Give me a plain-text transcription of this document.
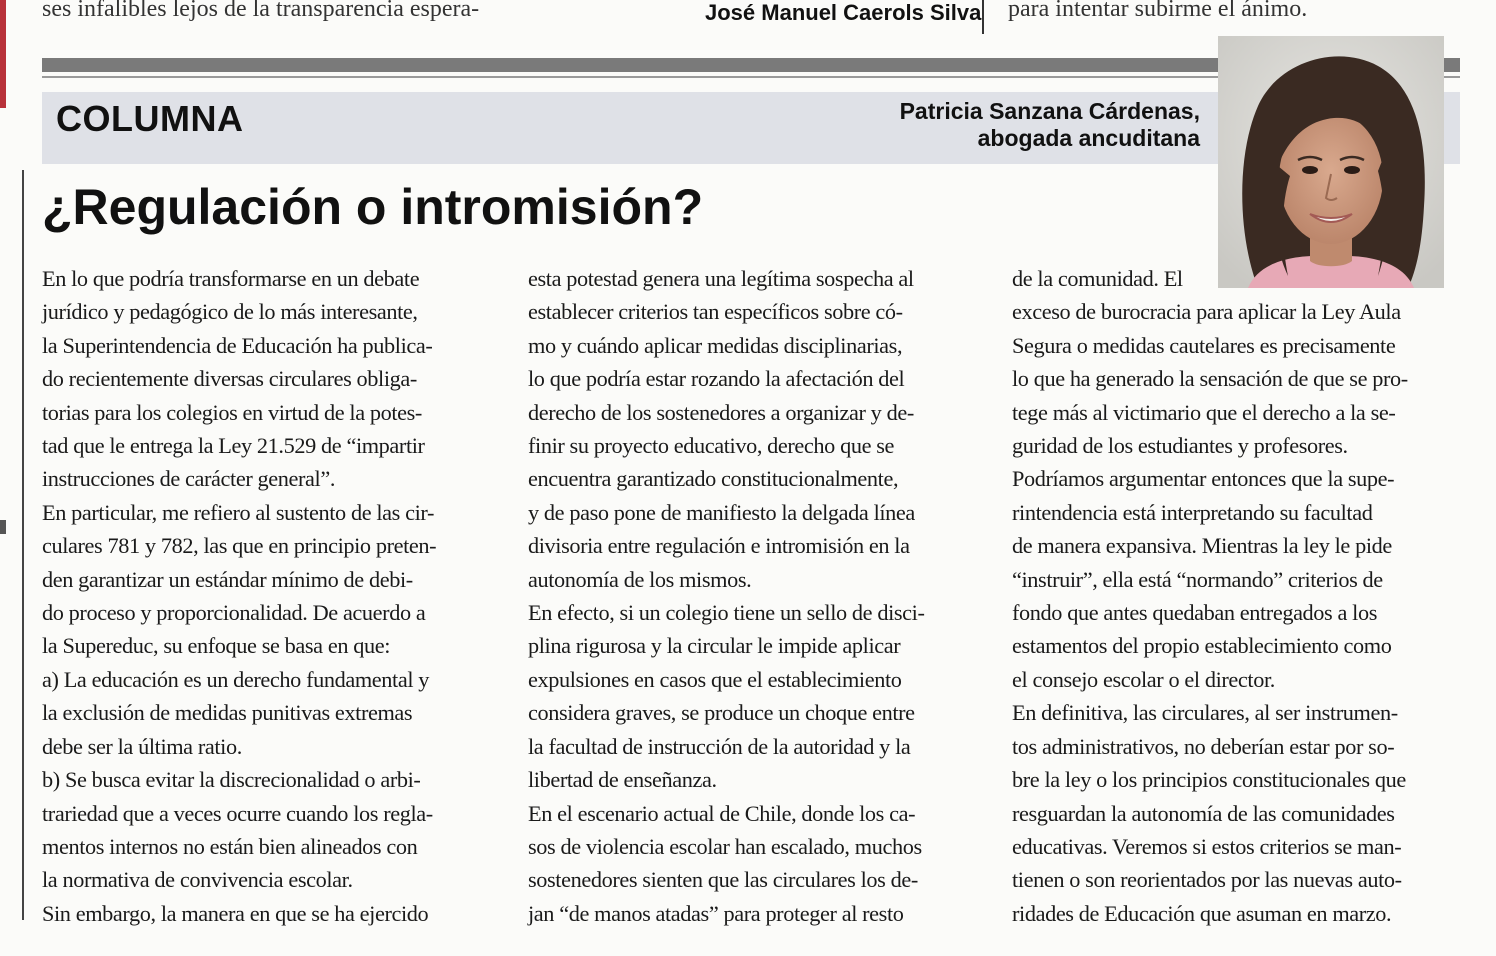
ses infalibles lejos de la transparencia espera-	José Manuel Caerols Silva para intentar subirme el ánimo.
COLUMNA	Patricia Sanzana Cárdenas,
abogada ancuditana
¿Regulación o intromisión?
En lo que podría transformarse en un debate
jurídico y pedagógico de lo más interesante,
la Superintendencia de Educación ha publica-
do recientemente diversas circulares obliga-
torias para los colegios en virtud de la potes-
tad que le entrega la Ley 21.529 de “impartir
instrucciones de carácter general”.
En particular, me refiero al sustento de las cir-
culares 781 y 782, las que en principio preten-
den garantizar un estándar mínimo de debi-
do proceso y proporcionalidad. De acuerdo a
la Supereduc, su enfoque se basa en que:
a) La educación es un derecho fundamental y
la exclusión de medidas punitivas extremas
debe ser la última ratio.
b) Se busca evitar la discrecionalidad o arbi-
trariedad que a veces ocurre cuando los regla-
mentos internos no están bien alineados con
la normativa de convivencia escolar.
Sin embargo, la manera en que se ha ejercido
esta potestad genera una legítima sospecha al
establecer criterios tan específicos sobre có-
mo y cuándo aplicar medidas disciplinarias,
lo que podría estar rozando la afectación del
derecho de los sostenedores a organizar y de-
finir su proyecto educativo, derecho que se
encuentra garantizado constitucionalmente,
y de paso pone de manifiesto la delgada línea
divisoria entre regulación e intromisión en la
autonomía de los mismos.
En efecto, si un colegio tiene un sello de disci-
plina rigurosa y la circular le impide aplicar
expulsiones en casos que el establecimiento
considera graves, se produce un choque entre
la facultad de instrucción de la autoridad y la
libertad de enseñanza.
En el escenario actual de Chile, donde los ca-
sos de violencia escolar han escalado, muchos
sostenedores sienten que las circulares los de-
jan “de manos atadas” para proteger al resto
de la comunidad. El
exceso de burocracia para aplicar la Ley Aula
Segura o medidas cautelares es precisamente
lo que ha generado la sensación de que se pro-
tege más al victimario que el derecho a la se-
guridad de los estudiantes y profesores.
Podríamos argumentar entonces que la supe-
rintendencia está interpretando su facultad
de manera expansiva. Mientras la ley le pide
“instruir”, ella está “normando” criterios de
fondo que antes quedaban entregados a los
estamentos del propio establecimiento como
el consejo escolar o el director.
En definitiva, las circulares, al ser instrumen-
tos administrativos, no deberían estar por so-
bre la ley o los principios constitucionales que
resguardan la autonomía de las comunidades
educativas. Veremos si estos criterios se man-
tienen o son reorientados por las nuevas auto-
ridades de Educación que asuman en marzo.
